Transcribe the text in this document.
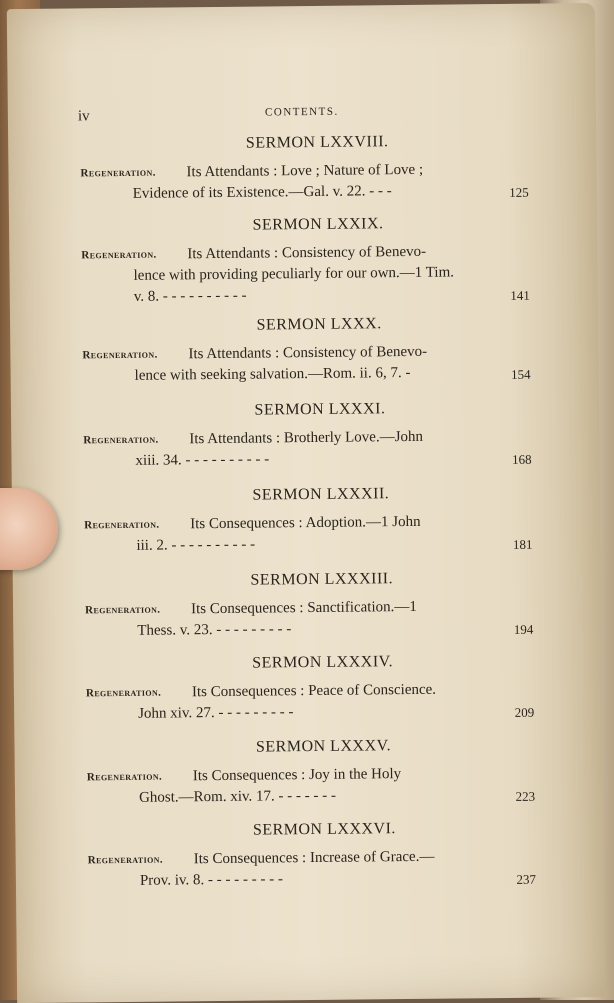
iv	CONTENTS.
SERMON LXXVIII.
Regeneration. Its Attendants : Love ; Nature of Love ;
Evidence of its Existence.—Gal. v. 22. - - -	125
SERMON LXXIX.
Regeneration. Its Attendants : Consistency of Benevo-
lence with providing peculiarly for our own.—1 Tim.
v. 8. - - - - - - - - - -	141
SERMON LXXX.
Regeneration. Its Attendants : Consistency of Benevo-
lence with seeking salvation.—Rom. ii. 6, 7. -	154
SERMON LXXXI.
Regeneration. Its Attendants : Brotherly Love.—John
xiii. 34. - - - - - - - - - -	168
SERMON LXXXII.
Regeneration. Its Consequences : Adoption.—1 John
iii. 2. - - - - - - - - - -	181
SERMON LXXXIII.
Regeneration. Its Consequences : Sanctification.—1
Thess. v. 23. - - - - - - - - -	194
SERMON LXXXIV.
Regeneration. Its Consequences : Peace of Conscience.
John xiv. 27. - - - - - - - - -	209
SERMON LXXXV.
Regeneration. Its Consequences : Joy in the Holy
Ghost.—Rom. xiv. 17. - - - - - - -	223
SERMON LXXXVI.
Regeneration. Its Consequences : Increase of Grace.—
Prov. iv. 8. - - - - - - - - -	237
